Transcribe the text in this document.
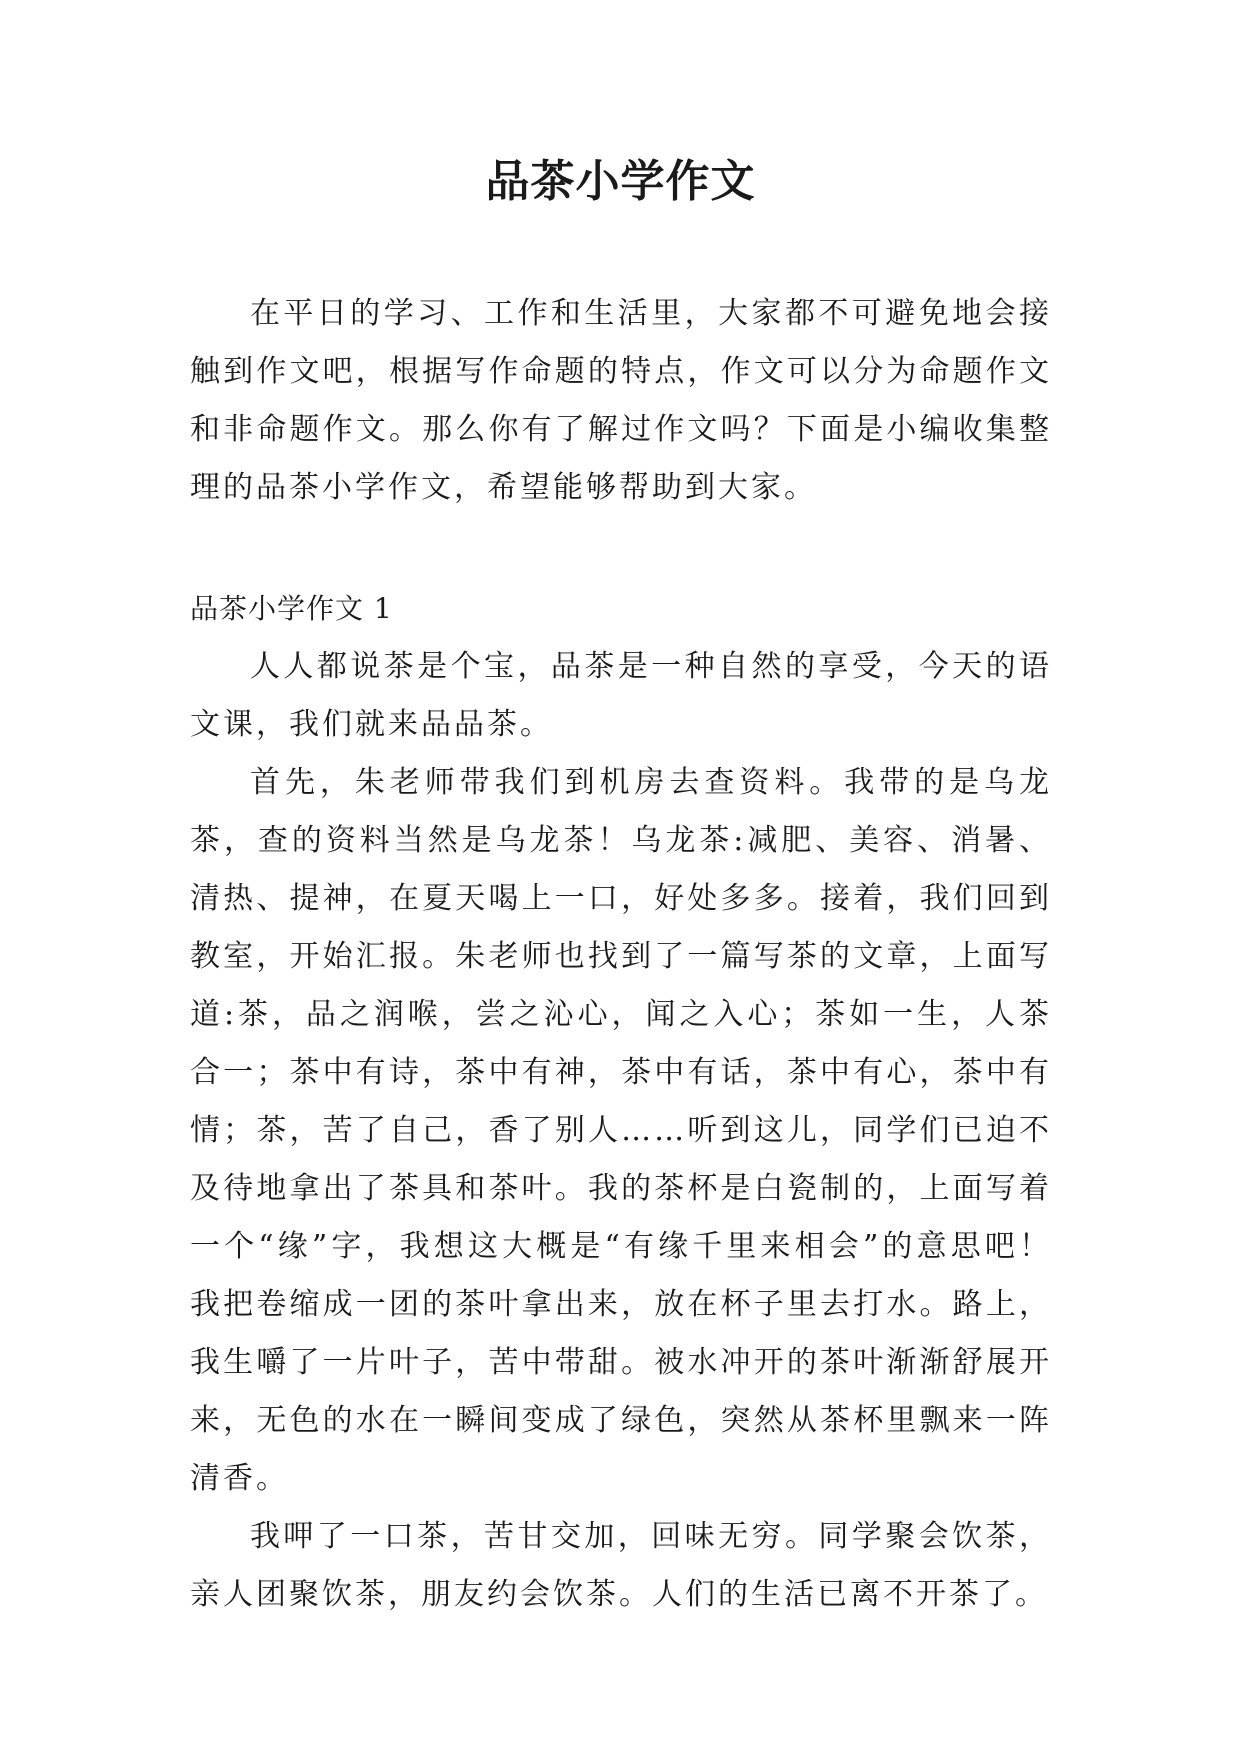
品茶小学作文

在平日的学习、工作和生活里，大家都不可避免地会接触到作文吧，根据写作命题的特点，作文可以分为命题作文和非命题作文。那么你有了解过作文吗？下面是小编收集整理的品茶小学作文，希望能够帮助到大家。

品茶小学作文 1

人人都说茶是个宝，品茶是一种自然的享受，今天的语文课，我们就来品品茶。

首先，朱老师带我们到机房去查资料。我带的是乌龙茶，查的资料当然是乌龙茶！乌龙茶:减肥、美容、消暑、清热、提神，在夏天喝上一口，好处多多。接着，我们回到教室，开始汇报。朱老师也找到了一篇写茶的文章，上面写道:茶，品之润喉，尝之沁心，闻之入心；茶如一生，人茶合一；茶中有诗，茶中有神，茶中有话，茶中有心，茶中有情；茶，苦了自己，香了别人……听到这儿，同学们已迫不及待地拿出了茶具和茶叶。我的茶杯是白瓷制的，上面写着一个“缘”字，我想这大概是“有缘千里来相会”的意思吧！我把卷缩成一团的茶叶拿出来，放在杯子里去打水。路上，我生嚼了一片叶子，苦中带甜。被水冲开的茶叶渐渐舒展开来，无色的水在一瞬间变成了绿色，突然从茶杯里飘来一阵清香。

我呷了一口茶，苦甘交加，回味无穷。同学聚会饮茶，亲人团聚饮茶，朋友约会饮茶。人们的生活已离不开茶了。
